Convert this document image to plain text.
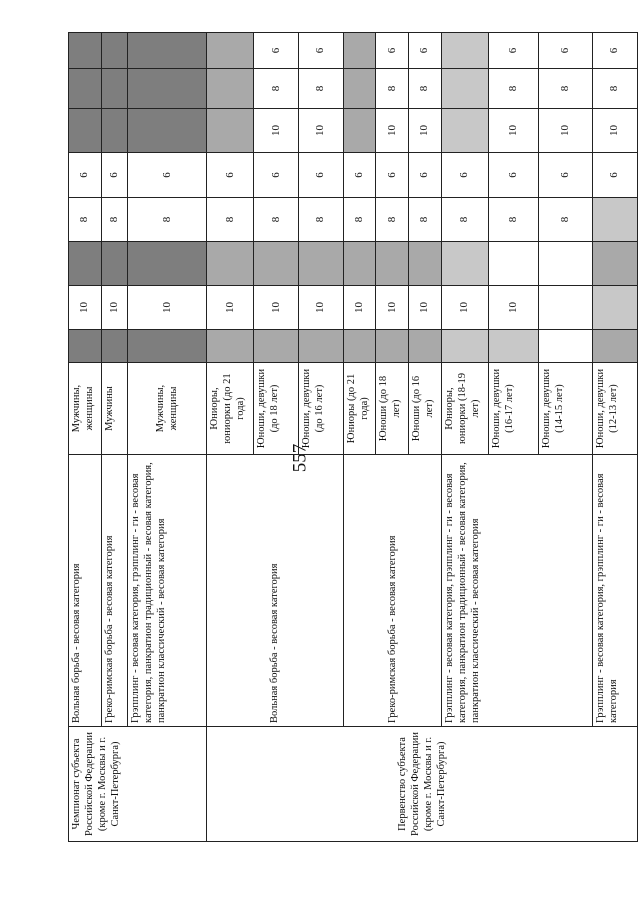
557
Чемпионат субъекта Российской Федерации (кроме г. Москвы и г. Санкт-Петербурга)	Вольная борьба - весовая категория	Мужчины, женщины		10		8	6			
	Греко-римская борьба - весовая категория	Мужчины		10		8	6			
	Грэпплинг - весовая категория, грэпплинг - ги - весовая категория, панкратион традиционный - весовая категория, панкратион классический - весовая категория	Мужчины, женщины		10		8	6			
Первенство субъекта Российской Федерации (кроме г. Москвы и г. Санкт-Петербурга)	Вольная борьба - весовая категория	Юниоры, юниорки (до 21 года)		10		8	6			
		Юноши, девушки (до 18 лет)		10		8	6	10	8	6
		Юноши, девушки (до 16 лет)		10		8	6	10	8	6
	Греко-римская борьба - весовая категория	Юниоры (до 21 года)		10		8	6			
		Юноши (до 18 лет)		10		8	6	10	8	6
		Юноши (до 16 лет)		10		8	6	10	8	6
	Грэпплинг - весовая категория, грэпплинг - ги - весовая категория, панкратион традиционный - весовая категория, панкратион классический - весовая категория	Юниоры, юниорки (18-19 лет)		10		8	6			
		Юноши, девушки (16-17 лет)		10		8	6	10	8	6
		Юноши, девушки (14-15 лет)				8	6	10	8	6
	Грэпплинг - весовая категория, грэпплинг - ги - весовая категория	Юноши, девушки (12-13 лет)					6	10	8	6
